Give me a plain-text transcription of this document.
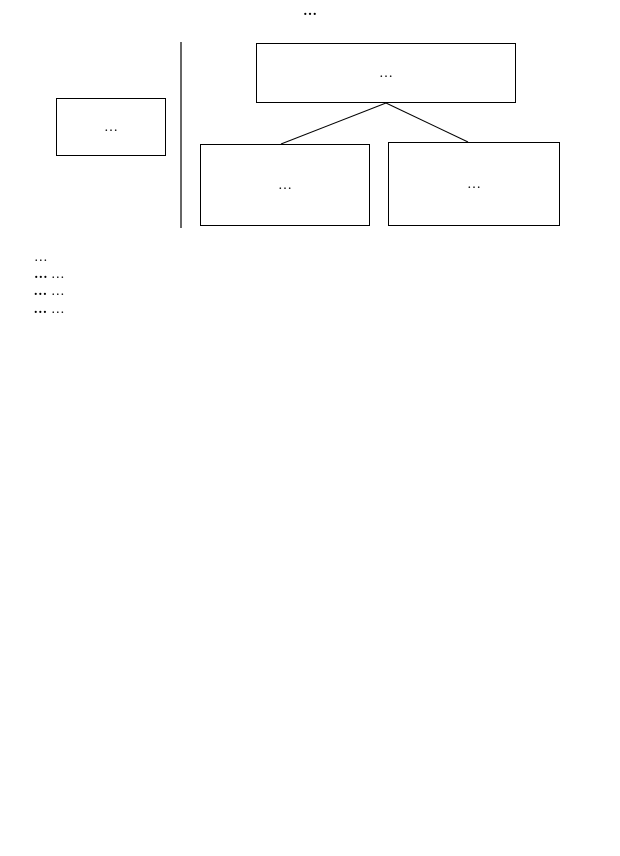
…
…
…
…	…

…

… …

… …

… …
